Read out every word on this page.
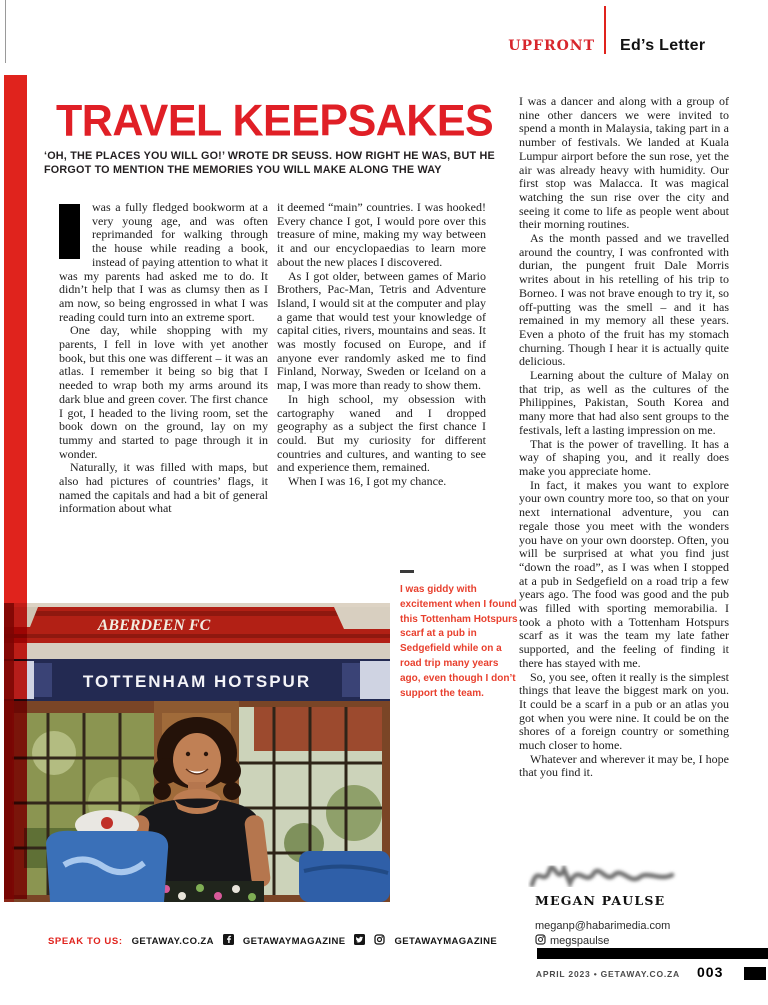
UPFRONT Ed’s Letter
TRAVEL KEEPSAKES
‘OH, THE PLACES YOU WILL GO!’ WROTE DR SEUSS. HOW RIGHT HE WAS, BUT HE FORGOT TO MENTION THE MEMORIES YOU WILL MAKE ALONG THE WAY

I	was a fully fledged bookworm at a very young age, and was often reprimanded for walking through the house while reading a book, instead of paying attention to what it was my parents had asked me to do. It didn’t help that I was as clumsy then as I am now, so being engrossed in what I was reading could turn into an extreme sport.

One day, while shopping with my parents, I fell in love with yet another book, but this one was different – it was an atlas. I remember it being so big that I needed to wrap both my arms around its dark blue and green cover. The first chance I got, I headed to the living room, set the book down on the ground, lay on my tummy and started to page through it in wonder.

Naturally, it was filled with maps, but also had pictures of countries’ flags, it named the capitals and had a bit of general information about what

it deemed “main” countries. I was hooked! Every chance I got, I would pore over this treasure of mine, making my way between it and our encyclopaedias to learn more about the new places I discovered.

As I got older, between games of Mario Brothers, Pac-Man, Tetris and Adventure Island, I would sit at the computer and play a game that would test your knowledge of capital cities, rivers, mountains and seas. It was mostly focused on Europe, and if anyone ever randomly asked me to find Finland, Norway, Sweden or Iceland on a map, I was more than ready to show them.

In high school, my obsession with cartography waned and I dropped geography as a subject the first chance I could. But my curiosity for different countries and cultures, and wanting to see and experience them, remained.

When I was 16, I got my chance.

I was a dancer and along with a group of nine other dancers we were invited to spend a month in Malaysia, taking part in a number of festivals. We landed at Kuala Lumpur airport before the sun rose, yet the air was already heavy with humidity. Our first stop was Malacca. It was magical watching the sun rise over the city and seeing it come to life as people went about their morning routines.

As the month passed and we travelled around the country, I was confronted with durian, the pungent fruit Dale Morris writes about in his retelling of his trip to Borneo. I was not brave enough to try it, so off-putting was the smell – and it has remained in my memory all these years. Even a photo of the fruit has my stomach churning. Though I hear it is actually quite delicious.

Learning about the culture of Malay on that trip, as well as the cultures of the Philippines, Pakistan, South Korea and many more that had also sent groups to the festivals, left a lasting impression on me.

That is the power of travelling. It has a way of shaping you, and it really does make you appreciate home.

In fact, it makes you want to explore your own country more too, so that on your next international adventure, you can regale those you meet with the wonders you have on your own doorstep. Often, you will be surprised at what you find just “down the road”, as I was when I stopped at a pub in Sedgefield on a road trip a few years ago. The food was good and the pub was filled with sporting memorabilia. I took a photo with a Tottenham Hotspurs scarf as it was the team my late father supported, and the feeling of finding it there has stayed with me.

So, you see, often it really is the simplest things that leave the biggest mark on you. It could be a scarf in a pub or an atlas you got when you were nine. It could be on the shores of a foreign country or something much closer to home.

Whatever and wherever it may be, I hope that you find it.

ABERDEEN FC
TOTTENHAM HOTSPUR
I was giddy with excitement when I found this Tottenham Hotspurs scarf at a pub in Sedgefield while on a road trip many years ago, even though I don’t support the team.
MEGAN PAULSE
meganp@habarimedia.com
megspaulse
SPEAK TO US: GETAWAY.CO.ZA	GETAWAYMAGAZINE	GETAWAYMAGAZINE
APRIL 2023 • GETAWAY.CO.ZA 003
